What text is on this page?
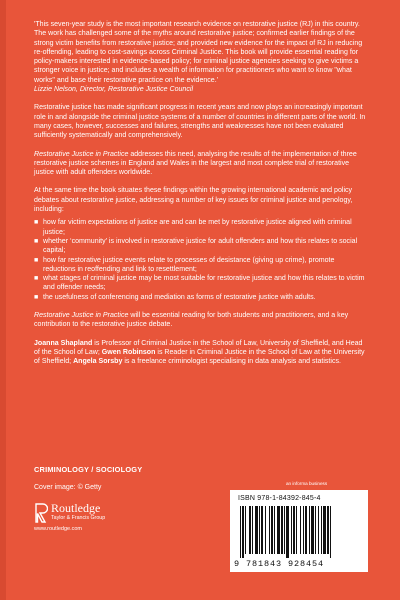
'This seven-year study is the most important research evidence on restorative justice (RJ) in this country. The work has challenged some of the myths around restorative justice; confirmed earlier findings of the strong victim benefits from restorative justice; and provided new evidence for the impact of RJ in reducing re-offending, leading to cost-savings across Criminal Justice. This book will provide essential reading for policy-makers interested in evidence-based policy; for criminal justice agencies seeking to give victims a stronger voice in justice; and includes a wealth of information for practitioners who want to know "what works" and base their restorative practice on the evidence.'

Lizzie Nelson, Director, Restorative Justice Council

Restorative justice has made significant progress in recent years and now plays an increasingly important role in and alongside the criminal justice systems of a number of countries in different parts of the world. In many cases, however, successes and failures, strengths and weaknesses have not been evaluated sufficiently systematically and comprehensively.

Restorative Justice in Practice addresses this need, analysing the results of the implementation of three restorative justice schemes in England and Wales in the largest and most complete trial of restorative justice with adult offenders worldwide.

At the same time the book situates these findings within the growing international academic and policy debates about restorative justice, addressing a number of key issues for criminal justice and penology, including:

■ how far victim expectations of justice are and can be met by restorative justice aligned with criminal justice;
■ whether ‘community’ is involved in restorative justice for adult offenders and how this relates to social capital;
■ how far restorative justice events relate to processes of desistance (giving up crime), promote reductions in reoffending and link to resettlement;
■ what stages of criminal justice may be most suitable for restorative justice and how this relates to victim and offender needs;
■ the usefulness of conferencing and mediation as forms of restorative justice with adults.

Restorative Justice in Practice will be essential reading for both students and practitioners, and a key contribution to the restorative justice debate.

Joanna Shapland is Professor of Criminal Justice in the School of Law, University of Sheffield, and Head of the School of Law; Gwen Robinson is Reader in Criminal Justice in the School of Law at the University of Sheffield; Angela Sorsby is a freelance criminologist specialising in data analysis and statistics.

CRIMINOLOGY / SOCIOLOGY
Cover image: © Getty
Routledge
Taylor & Francis Group
www.routledge.com
an informa business
ISBN 978-1-84392-845-4
9 781843 928454
